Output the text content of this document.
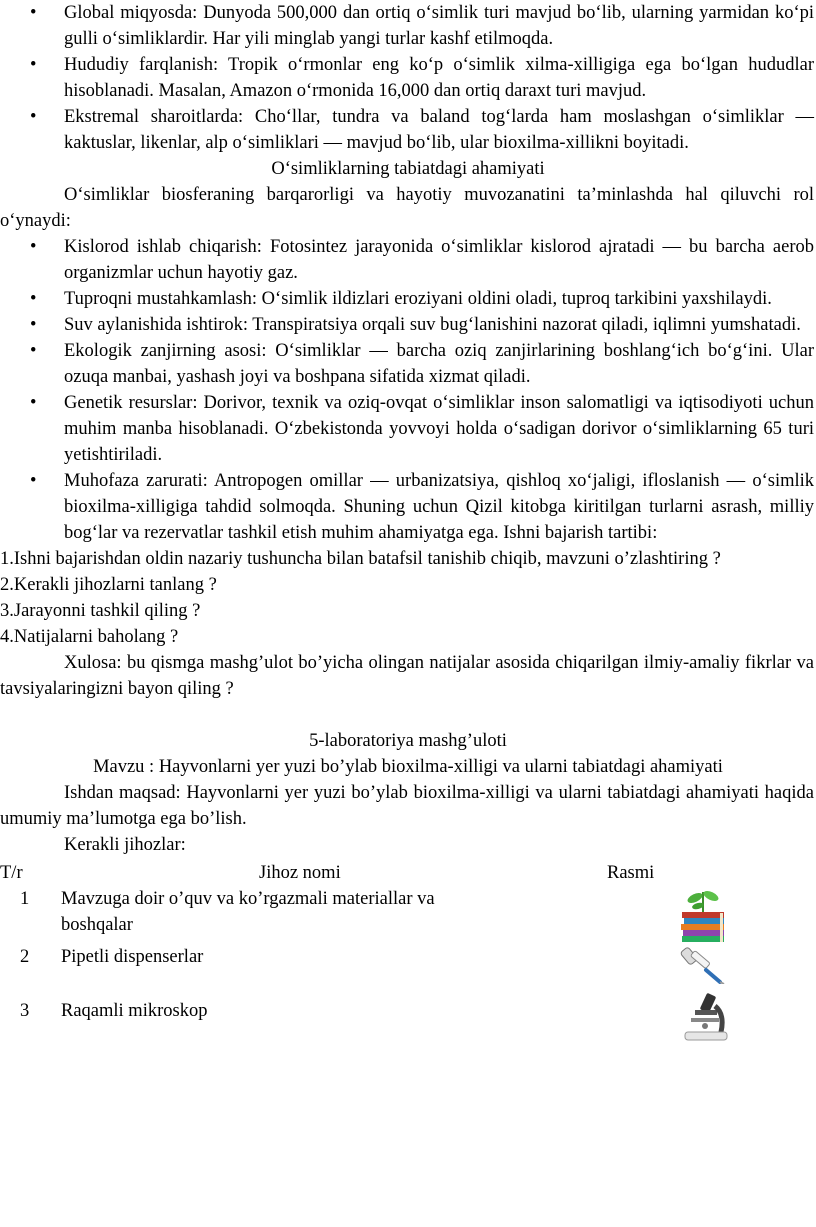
• Global miqyosda: Dunyoda 500,000 dan ortiq o‘simlik turi mavjud bo‘lib, ularning yarmidan ko‘pi gulli o‘simliklardir. Har yili minglab yangi turlar kashf etilmoqda.
• Hududiy farqlanish: Tropik o‘rmonlar eng ko‘p o‘simlik xilma-xilligiga ega bo‘lgan hududlar hisoblanadi. Masalan, Amazon o‘rmonida 16,000 dan ortiq daraxt turi mavjud.
• Ekstremal sharoitlarda: Cho‘llar, tundra va baland tog‘larda ham moslashgan o‘simliklar — kaktuslar, likenlar, alp o‘simliklari — mavjud bo‘lib, ular bioxilma-xillikni boyitadi.
O‘simliklarning tabiatdagi ahamiyati
O‘simliklar biosferaning barqarorligi va hayotiy muvozanatini ta’minlashda hal qiluvchi rol o‘ynaydi:
• Kislorod ishlab chiqarish: Fotosintez jarayonida o‘simliklar kislorod ajratadi — bu barcha aerob organizmlar uchun hayotiy gaz.
• Tuproqni mustahkamlash: O‘simlik ildizlari eroziyani oldini oladi, tuproq tarkibini yaxshilaydi.
• Suv aylanishida ishtirok: Transpiratsiya orqali suv bug‘lanishini nazorat qiladi, iqlimni yumshatadi.
• Ekologik zanjirning asosi: O‘simliklar — barcha oziq zanjirlarining boshlang‘ich bo‘g‘ini. Ular ozuqa manbai, yashash joyi va boshpana sifatida xizmat qiladi.
• Genetik resurslar: Dorivor, texnik va oziq-ovqat o‘simliklar inson salomatligi va iqtisodiyoti uchun muhim manba hisoblanadi. O‘zbekistonda yovvoyi holda o‘sadigan dorivor o‘simliklarning 65 turi yetishtiriladi.
• Muhofaza zarurati: Antropogen omillar — urbanizatsiya, qishloq xo‘jaligi, ifloslanish — o‘simlik bioxilma-xilligiga tahdid solmoqda. Shuning uchun Qizil kitobga kiritilgan turlarni asrash, milliy bog‘lar va rezervatlar tashkil etish muhim ahamiyatga ega. Ishni bajarish tartibi:
1.Ishni bajarishdan oldin nazariy tushuncha bilan batafsil tanishib chiqib, mavzuni o’zlashtiring ?
2.Kerakli jihozlarni tanlang ?
3.Jarayonni tashkil qiling ?
4.Natijalarni baholang ?
Xulosa: bu qismga mashg’ulot bo’yicha olingan natijalar asosida chiqarilgan ilmiy-amaliy fikrlar va tavsiyalaringizni bayon qiling ?
5-laboratoriya mashg’uloti
Mavzu : Hayvonlarni yer yuzi bo’ylab bioxilma-xilligi va ularni tabiatdagi ahamiyati
Ishdan maqsad: Hayvonlarni yer yuzi bo’ylab bioxilma-xilligi va ularni tabiatdagi ahamiyati haqida umumiy ma’lumotga ega bo’lish.
Kerakli jihozlar:
T/r	Jihoz nomi	Rasmi
1 Mavzuga doir o’quv va ko’rgazmali materiallar va boshqalar
2 Pipetli dispenserlar
3 Raqamli mikroskop
